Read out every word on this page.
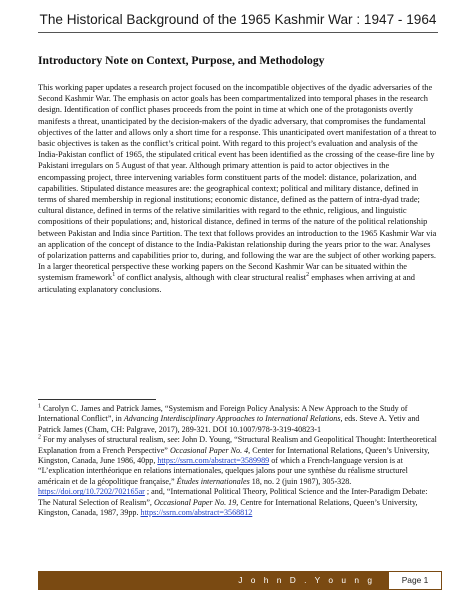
The Historical Background of the 1965 Kashmir War : 1947 - 1964
Introductory Note on Context, Purpose, and Methodology

This working paper updates a research project focused on the incompatible objectives of the dyadic adversaries of the Second Kashmir War. The emphasis on actor goals has been compartmentalized into temporal phases in the research design. Identification of conflict phases proceeds from the point in time at which one of the protagonists overtly manifests a threat, unanticipated by the decision-makers of the dyadic adversary, that compromises the fundamental objectives of the latter and allows only a short time for a response. This unanticipated overt manifestation of a threat to basic objectives is taken as the conflict’s critical point. With regard to this project’s evaluation and analysis of the India-Pakistan conflict of 1965, the stipulated critical event has been identified as the crossing of the cease-fire line by Pakistani irregulars on 5 August of that year. Although primary attention is paid to actor objectives in the encompassing project, three intervening variables form constituent parts of the model: distance, polarization, and capabilities. Stipulated distance measures are: the geographical context; political and military distance, defined in terms of shared membership in regional institutions; economic distance, defined as the pattern of intra-dyad trade; cultural distance, defined in terms of the relative similarities with regard to the ethnic, religious, and linguistic compositions of their populations; and, historical distance, defined in terms of the nature of the political relationship between Pakistan and India since Partition. The text that follows provides an introduction to the 1965 Kashmir War via an application of the concept of distance to the India-Pakistan relationship during the years prior to the war. Analyses of polarization patterns and capabilities prior to, during, and following the war are the subject of other working papers. In a larger theoretical perspective these working papers on the Second Kashmir War can be situated within the systemism framework$^1$ of conflict analysis, although with clear structural realist$^2$ emphases when arriving at and articulating explanatory conclusions.

$^1$ Carolyn C. James and Patrick James, “Systemism and Foreign Policy Analysis: A New Approach to the Study of International Conflict”, in Advancing Interdisciplinary Approaches to International Relations, eds. Steve A. Yetiv and Patrick James (Cham, CH: Palgrave, 2017), 289-321. DOI 10.1007/978-3-319-40823-1

$^2$ For my analyses of structural realism, see: John D. Young, “Structural Realism and Geopolitical Thought: Intertheoretical Explanation from a French Perspective” Occasional Paper No. 4, Center for International Relations, Queen’s University, Kingston, Canada, June 1986, 40pp, https://ssrn.com/abstract=3589989 of which a French-language version is at “L’explication interthéorique en relations internationales, quelques jalons pour une synthèse du réalisme structurel américain et de la géopolitique française,” Études internationales 18, no. 2 (juin 1987), 305-328. https://doi.org/10.7202/702165ar ; and, “International Political Theory, Political Science and the Inter-Paradigm Debate: The Natural Selection of Realism”, Occasional Paper No. 19, Centre for International Relations, Queen’s University, Kingston, Canada, 1987, 39pp. https://ssrn.com/abstract=3568812

J o h n D . Y o u n g	Page 1
